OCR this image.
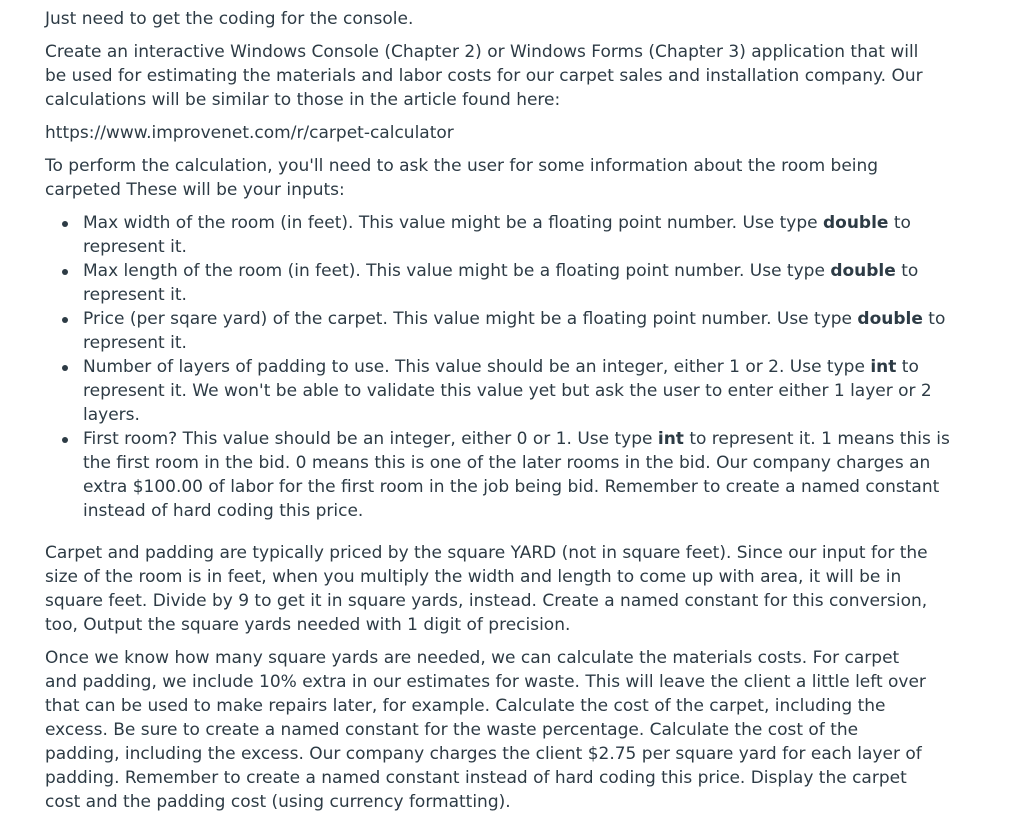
Just need to get the coding for the console.

Create an interactive Windows Console (Chapter 2) or Windows Forms (Chapter 3) application that will be used for estimating the materials and labor costs for our carpet sales and installation company. Our calculations will be similar to those in the article found here:

https://www.improvenet.com/r/carpet-calculator

To perform the calculation, you'll need to ask the user for some information about the room being carpeted These will be your inputs:

Max width of the room (in feet). This value might be a floating point number. Use type double to represent it.
Max length of the room (in feet). This value might be a floating point number. Use type double to represent it.
Price (per sqare yard) of the carpet. This value might be a floating point number. Use type double to represent it.
Number of layers of padding to use. This value should be an integer, either 1 or 2. Use type int to represent it. We won't be able to validate this value yet but ask the user to enter either 1 layer or 2 layers.
First room? This value should be an integer, either 0 or 1. Use type int to represent it. 1 means this is the first room in the bid. 0 means this is one of the later rooms in the bid. Our company charges an extra $100.00 of labor for the first room in the job being bid. Remember to create a named constant instead of hard coding this price.

Carpet and padding are typically priced by the square YARD (not in square feet). Since our input for the size of the room is in feet, when you multiply the width and length to come up with area, it will be in square feet. Divide by 9 to get it in square yards, instead. Create a named constant for this conversion, too, Output the square yards needed with 1 digit of precision.

Once we know how many square yards are needed, we can calculate the materials costs. For carpet and padding, we include 10% extra in our estimates for waste. This will leave the client a little left over that can be used to make repairs later, for example. Calculate the cost of the carpet, including the excess. Be sure to create a named constant for the waste percentage. Calculate the cost of the padding, including the excess. Our company charges the client $2.75 per square yard for each layer of padding. Remember to create a named constant instead of hard coding this price. Display the carpet cost and the padding cost (using currency formatting).
